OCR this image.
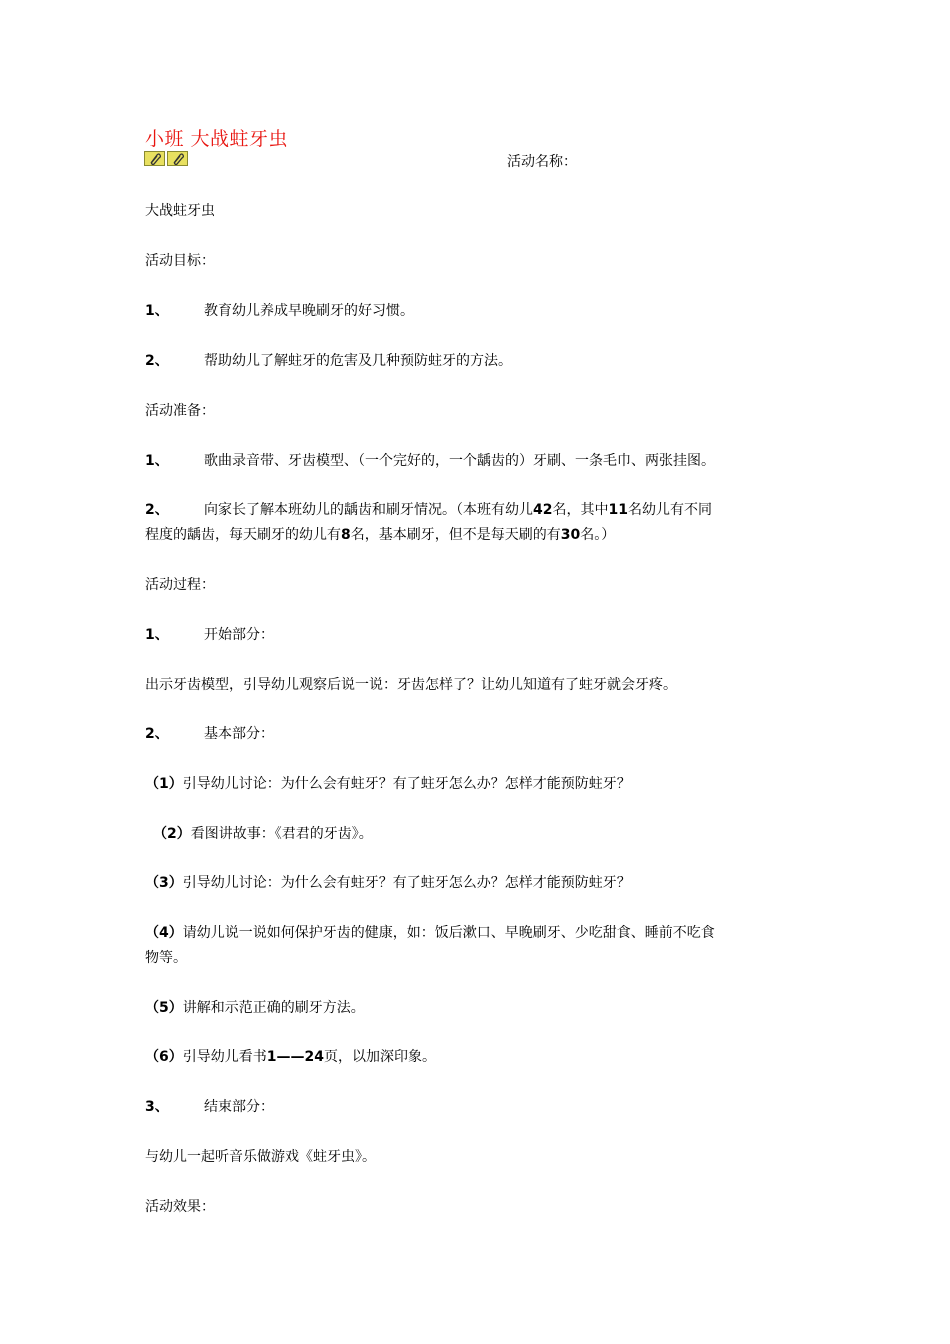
小班 大战蛀牙虫
活动名称：
大战蛀牙虫
活动目标：
1、	教育幼儿养成早晚刷牙的好习惯。
2、	帮助幼儿了解蛀牙的危害及几种预防蛀牙的方法。
活动准备：
1、	歌曲录音带、牙齿模型、（一个完好的，一个龋齿的）牙刷、一条毛巾、两张挂图。
2、	向家长了解本班幼儿的龋齿和刷牙情况。（本班有幼儿42名，其中11名幼儿有不同
程度的龋齿，每天刷牙的幼儿有8名，基本刷牙，但不是每天刷的有30名。）
活动过程：
1、	开始部分：
出示牙齿模型，引导幼儿观察后说一说：牙齿怎样了？让幼儿知道有了蛀牙就会牙疼。
2、	基本部分：
（1）引导幼儿讨论：为什么会有蛀牙？有了蛀牙怎么办？怎样才能预防蛀牙？
（2）看图讲故事：《君君的牙齿》。
（3）引导幼儿讨论：为什么会有蛀牙？有了蛀牙怎么办？怎样才能预防蛀牙？
（4）请幼儿说一说如何保护牙齿的健康，如：饭后漱口、早晚刷牙、少吃甜食、睡前不吃食
物等。
（5）讲解和示范正确的刷牙方法。
（6）引导幼儿看书1——24页，以加深印象。
3、	结束部分：
与幼儿一起听音乐做游戏《蛀牙虫》。
活动效果：
